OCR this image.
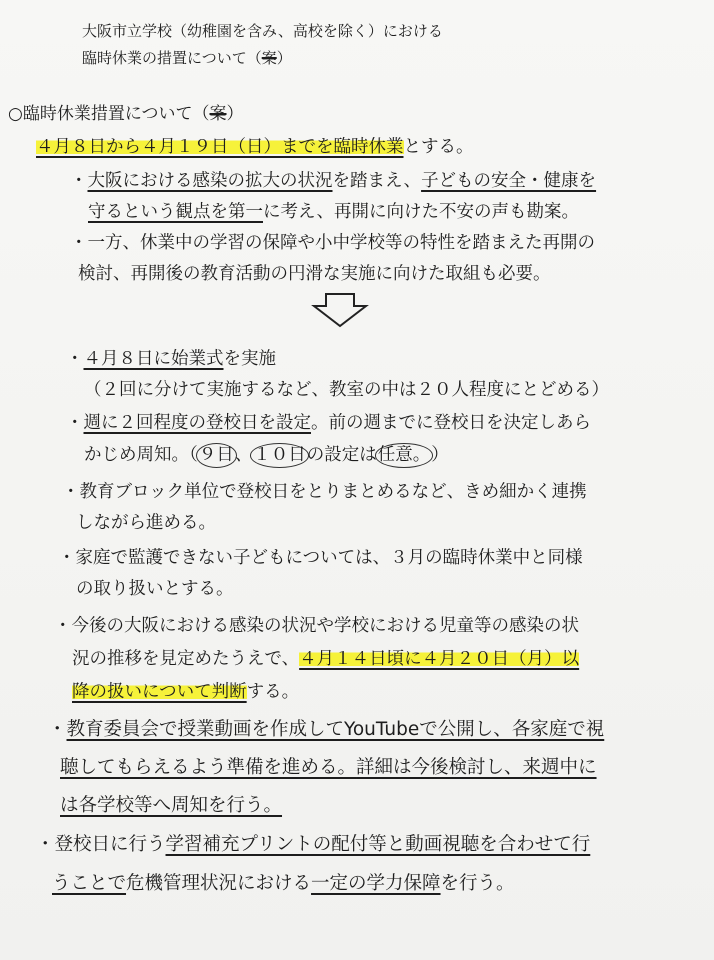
大阪市立学校（幼稚園を含み、高校を除く）における
臨時休業の措置について（案）
○臨時休業措置について（案）
４月８日から４月１９日（日）までを臨時休業とする。
・大阪における感染の拡大の状況を踏まえ、子どもの安全・健康を
守るという観点を第一に考え、再開に向けた不安の声も勘案。
・一方、休業中の学習の保障や小中学校等の特性を踏まえた再開の
検討、再開後の教育活動の円滑な実施に向けた取組も必要。
・４月８日に始業式を実施
（２回に分けて実施するなど、教室の中は２０人程度にとどめる）
・週に２回程度の登校日を設定。前の週までに登校日を決定しあら
かじめ周知。（９日、１０日の設定は任意。）
・教育ブロック単位で登校日をとりまとめるなど、きめ細かく連携
しながら進める。
・家庭で監護できない子どもについては、３月の臨時休業中と同様
の取り扱いとする。
・今後の大阪における感染の状況や学校における児童等の感染の状
況の推移を見定めたうえで、４月１４日頃に４月２０日（月）以
降の扱いについて判断する。
・教育委員会で授業動画を作成してYouTubeで公開し、各家庭で視
聴してもらえるよう準備を進める。詳細は今後検討し、来週中に
は各学校等へ周知を行う。
・登校日に行う学習補充プリントの配付等と動画視聴を合わせて行
うことで危機管理状況における一定の学力保障を行う。
